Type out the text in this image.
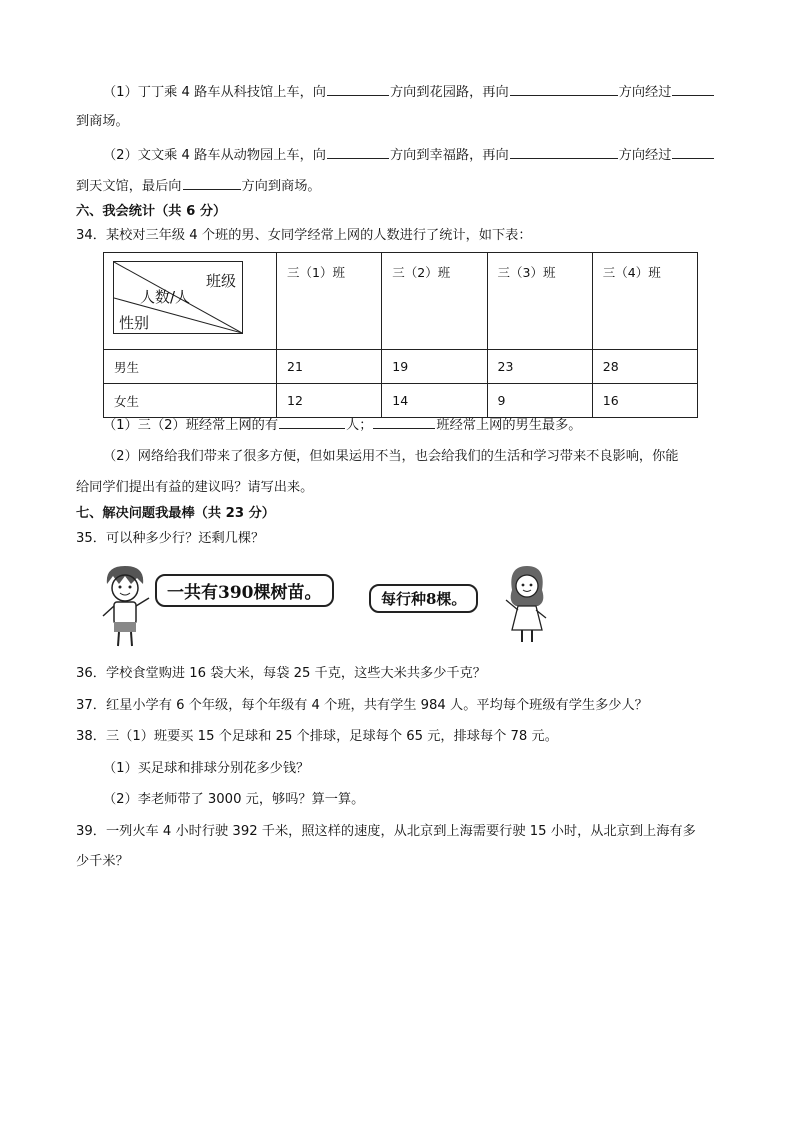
（1）丁丁乘 4 路车从科技馆上车，向	方向到花园路，再向	方向经过
到商场。
（2）文文乘 4 路车从动物园上车，向	方向到幸福路，再向	方向经过
到天文馆，最后向	方向到商场。
六、我会统计（共 6 分）
34．某校对三年级 4 个班的男、女同学经常上网的人数进行了统计，如下表：
班级
人数/人
性别	三（1）班	三（2）班	三（3）班	三（4）班
男生	21	19	23	28
女生	12	14	9	16
（1）三（2）班经常上网的有	人；	班经常上网的男生最多。
（2）网络给我们带来了很多方便，但如果运用不当，也会给我们的生活和学习带来不良影响，你能
给同学们提出有益的建议吗？请写出来。
七、解决问题我最棒（共 23 分）
35．可以种多少行？还剩几棵？
一共有390棵树苗。	每行种8棵。
36．学校食堂购进 16 袋大米，每袋 25 千克，这些大米共多少千克？
37．红星小学有 6 个年级，每个年级有 4 个班，共有学生 984 人。平均每个班级有学生多少人？
38．三（1）班要买 15 个足球和 25 个排球，足球每个 65 元，排球每个 78 元。
（1）买足球和排球分别花多少钱？
（2）李老师带了 3000 元，够吗？算一算。
39．一列火车 4 小时行驶 392 千米，照这样的速度，从北京到上海需要行驶 15 小时，从北京到上海有多
少千米？
